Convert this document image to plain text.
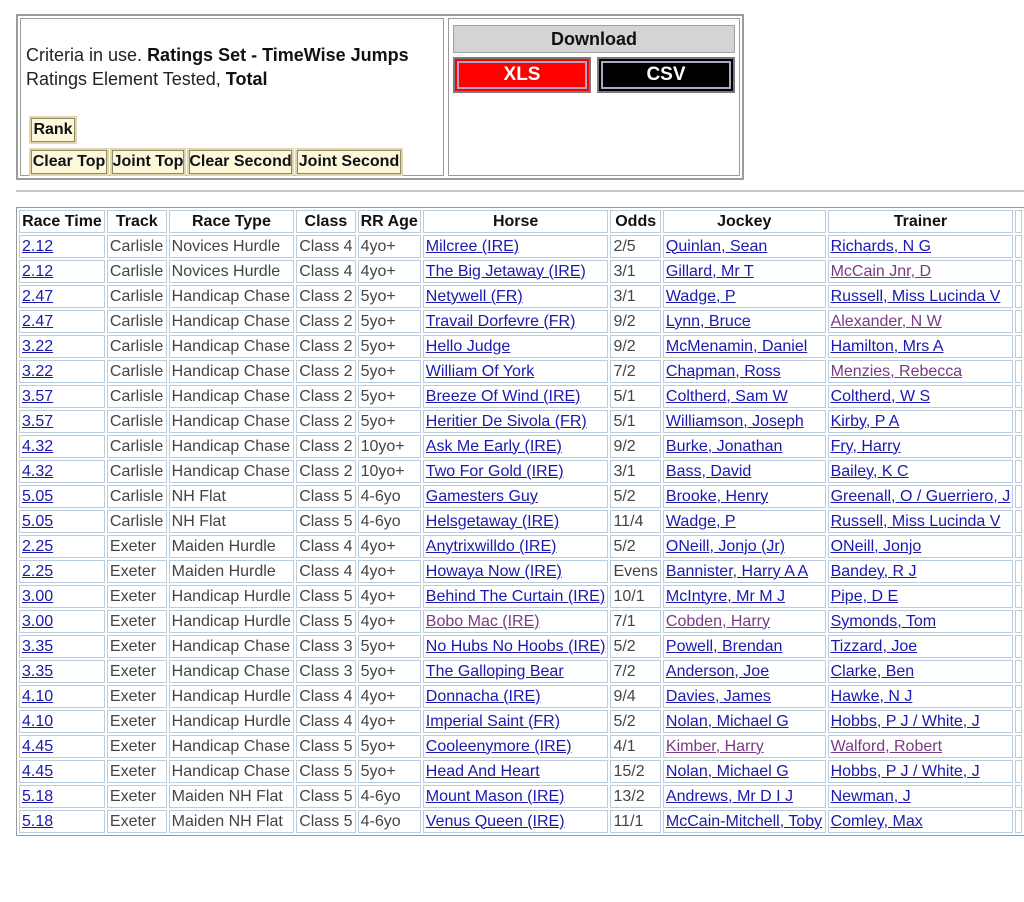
Criteria in use. Ratings Set - TimeWise Jumps
Ratings Element Tested, Total
Rank
Clear Top Joint Top Clear Second Joint Second
Download
XLS	CSV
Race Time	Track	Race Type	Class	RR Age	Horse	Odds	Jockey	Trainer	
2.12	Carlisle	Novices Hurdle	Class 4	4yo+	Milcree (IRE)	2/5	Quinlan, Sean	Richards, N G	
2.12	Carlisle	Novices Hurdle	Class 4	4yo+	The Big Jetaway (IRE)	3/1	Gillard, Mr T	McCain Jnr, D	
2.47	Carlisle	Handicap Chase	Class 2	5yo+	Netywell (FR)	3/1	Wadge, P	Russell, Miss Lucinda V	
2.47	Carlisle	Handicap Chase	Class 2	5yo+	Travail Dorfevre (FR)	9/2	Lynn, Bruce	Alexander, N W	
3.22	Carlisle	Handicap Chase	Class 2	5yo+	Hello Judge	9/2	McMenamin, Daniel	Hamilton, Mrs A	
3.22	Carlisle	Handicap Chase	Class 2	5yo+	William Of York	7/2	Chapman, Ross	Menzies, Rebecca	
3.57	Carlisle	Handicap Chase	Class 2	5yo+	Breeze Of Wind (IRE)	5/1	Coltherd, Sam W	Coltherd, W S	
3.57	Carlisle	Handicap Chase	Class 2	5yo+	Heritier De Sivola (FR)	5/1	Williamson, Joseph	Kirby, P A	
4.32	Carlisle	Handicap Chase	Class 2	10yo+	Ask Me Early (IRE)	9/2	Burke, Jonathan	Fry, Harry	
4.32	Carlisle	Handicap Chase	Class 2	10yo+	Two For Gold (IRE)	3/1	Bass, David	Bailey, K C	
5.05	Carlisle	NH Flat	Class 5	4-6yo	Gamesters Guy	5/2	Brooke, Henry	Greenall, O / Guerriero, J	
5.05	Carlisle	NH Flat	Class 5	4-6yo	Helsgetaway (IRE)	11/4	Wadge, P	Russell, Miss Lucinda V	
2.25	Exeter	Maiden Hurdle	Class 4	4yo+	Anytrixwilldo (IRE)	5/2	ONeill, Jonjo (Jr)	ONeill, Jonjo	
2.25	Exeter	Maiden Hurdle	Class 4	4yo+	Howaya Now (IRE)	Evens	Bannister, Harry A A	Bandey, R J	
3.00	Exeter	Handicap Hurdle	Class 5	4yo+	Behind The Curtain (IRE)	10/1	McIntyre, Mr M J	Pipe, D E	
3.00	Exeter	Handicap Hurdle	Class 5	4yo+	Bobo Mac (IRE)	7/1	Cobden, Harry	Symonds, Tom	
3.35	Exeter	Handicap Chase	Class 3	5yo+	No Hubs No Hoobs (IRE)	5/2	Powell, Brendan	Tizzard, Joe	
3.35	Exeter	Handicap Chase	Class 3	5yo+	The Galloping Bear	7/2	Anderson, Joe	Clarke, Ben	
4.10	Exeter	Handicap Hurdle	Class 4	4yo+	Donnacha (IRE)	9/4	Davies, James	Hawke, N J	
4.10	Exeter	Handicap Hurdle	Class 4	4yo+	Imperial Saint (FR)	5/2	Nolan, Michael G	Hobbs, P J / White, J	
4.45	Exeter	Handicap Chase	Class 5	5yo+	Cooleenymore (IRE)	4/1	Kimber, Harry	Walford, Robert	
4.45	Exeter	Handicap Chase	Class 5	5yo+	Head And Heart	15/2	Nolan, Michael G	Hobbs, P J / White, J	
5.18	Exeter	Maiden NH Flat	Class 5	4-6yo	Mount Mason (IRE)	13/2	Andrews, Mr D I J	Newman, J	
5.18	Exeter	Maiden NH Flat	Class 5	4-6yo	Venus Queen (IRE)	11/1	McCain-Mitchell, Toby	Comley, Max	
